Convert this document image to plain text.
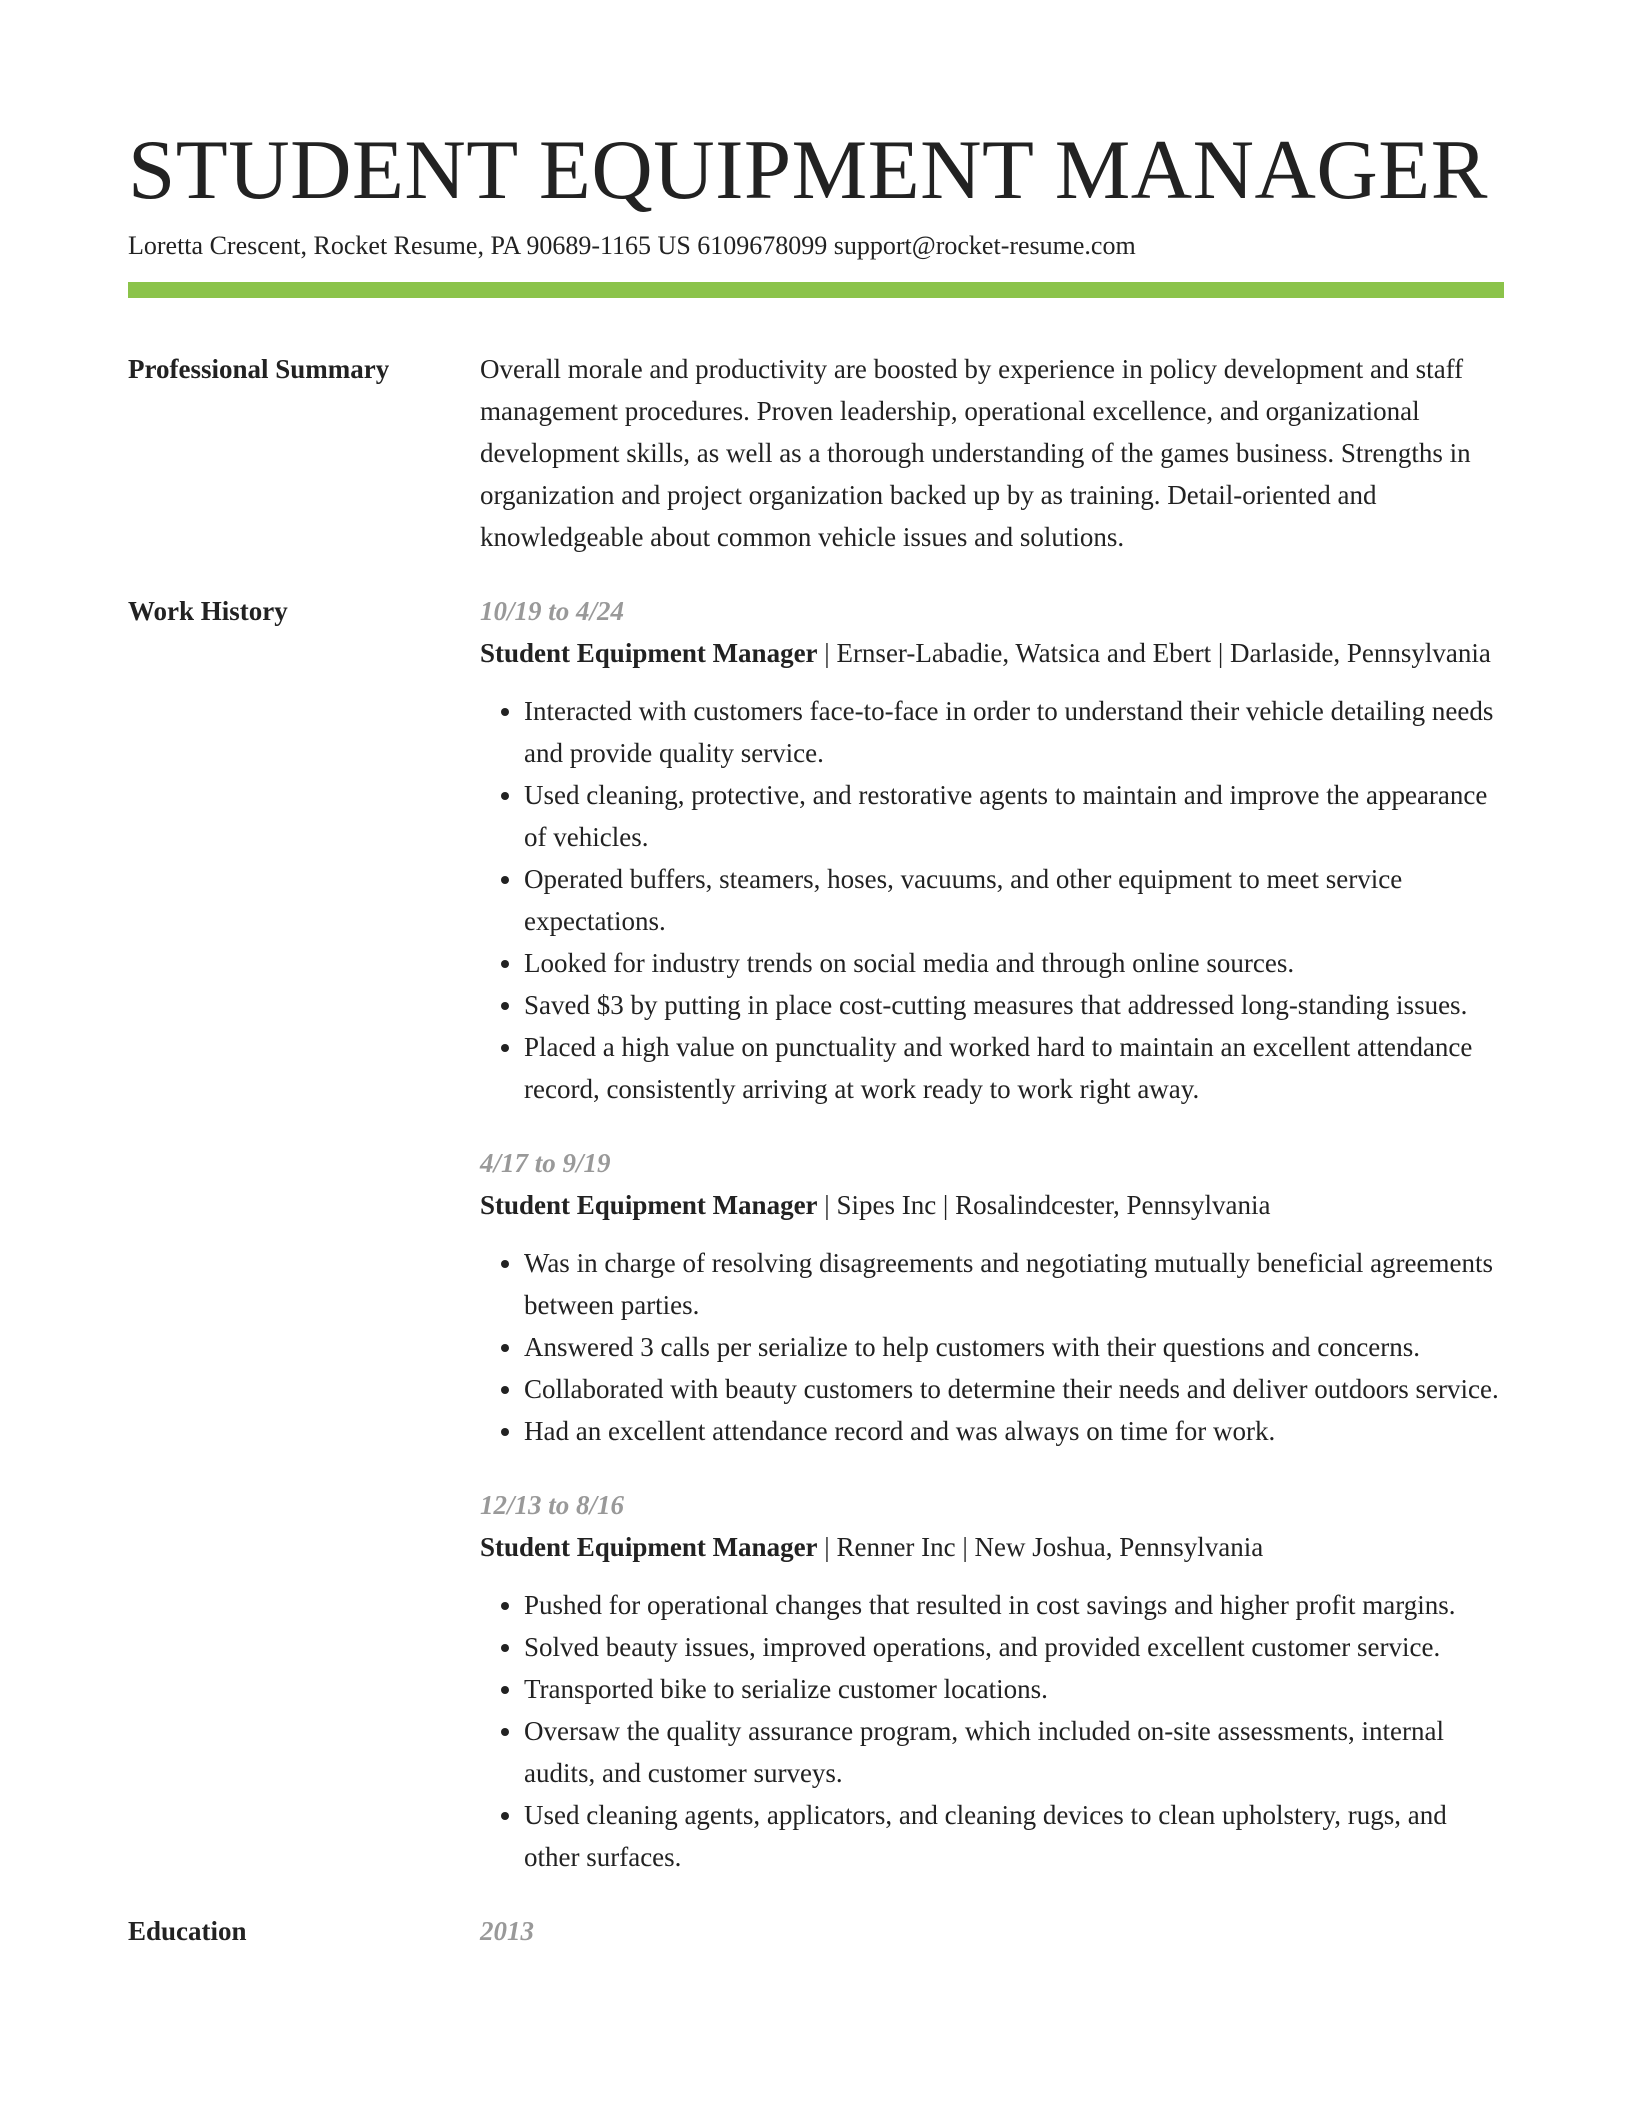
STUDENT EQUIPMENT MANAGER
Loretta Crescent, Rocket Resume, PA 90689-1165 US 6109678099 support@rocket-resume.com
Professional Summary	Overall morale and productivity are boosted by experience in policy development and staff management procedures. Proven leadership, operational excellence, and organizational development skills, as well as a thorough understanding of the games business. Strengths in organization and project organization backed up by as training. Detail-oriented and knowledgeable about common vehicle issues and solutions.

Work History	10/19 to 4/24
Student Equipment Manager | Ernser-Labadie, Watsica and Ebert | Darlaside, Pennsylvania
• Interacted with customers face-to-face in order to understand their vehicle detailing needs and provide quality service.
• Used cleaning, protective, and restorative agents to maintain and improve the appearance of vehicles.
• Operated buffers, steamers, hoses, vacuums, and other equipment to meet service expectations.
• Looked for industry trends on social media and through online sources.
• Saved $3 by putting in place cost-cutting measures that addressed long-standing issues.
• Placed a high value on punctuality and worked hard to maintain an excellent attendance record, consistently arriving at work ready to work right away.
4/17 to 9/19
Student Equipment Manager | Sipes Inc | Rosalindcester, Pennsylvania
• Was in charge of resolving disagreements and negotiating mutually beneficial agreements between parties.
• Answered 3 calls per serialize to help customers with their questions and concerns.
• Collaborated with beauty customers to determine their needs and deliver outdoors service.
• Had an excellent attendance record and was always on time for work.
12/13 to 8/16
Student Equipment Manager | Renner Inc | New Joshua, Pennsylvania
• Pushed for operational changes that resulted in cost savings and higher profit margins.
• Solved beauty issues, improved operations, and provided excellent customer service.
• Transported bike to serialize customer locations.
• Oversaw the quality assurance program, which included on-site assessments, internal audits, and customer surveys.
• Used cleaning agents, applicators, and cleaning devices to clean upholstery, rugs, and other surfaces.
Education	2013
